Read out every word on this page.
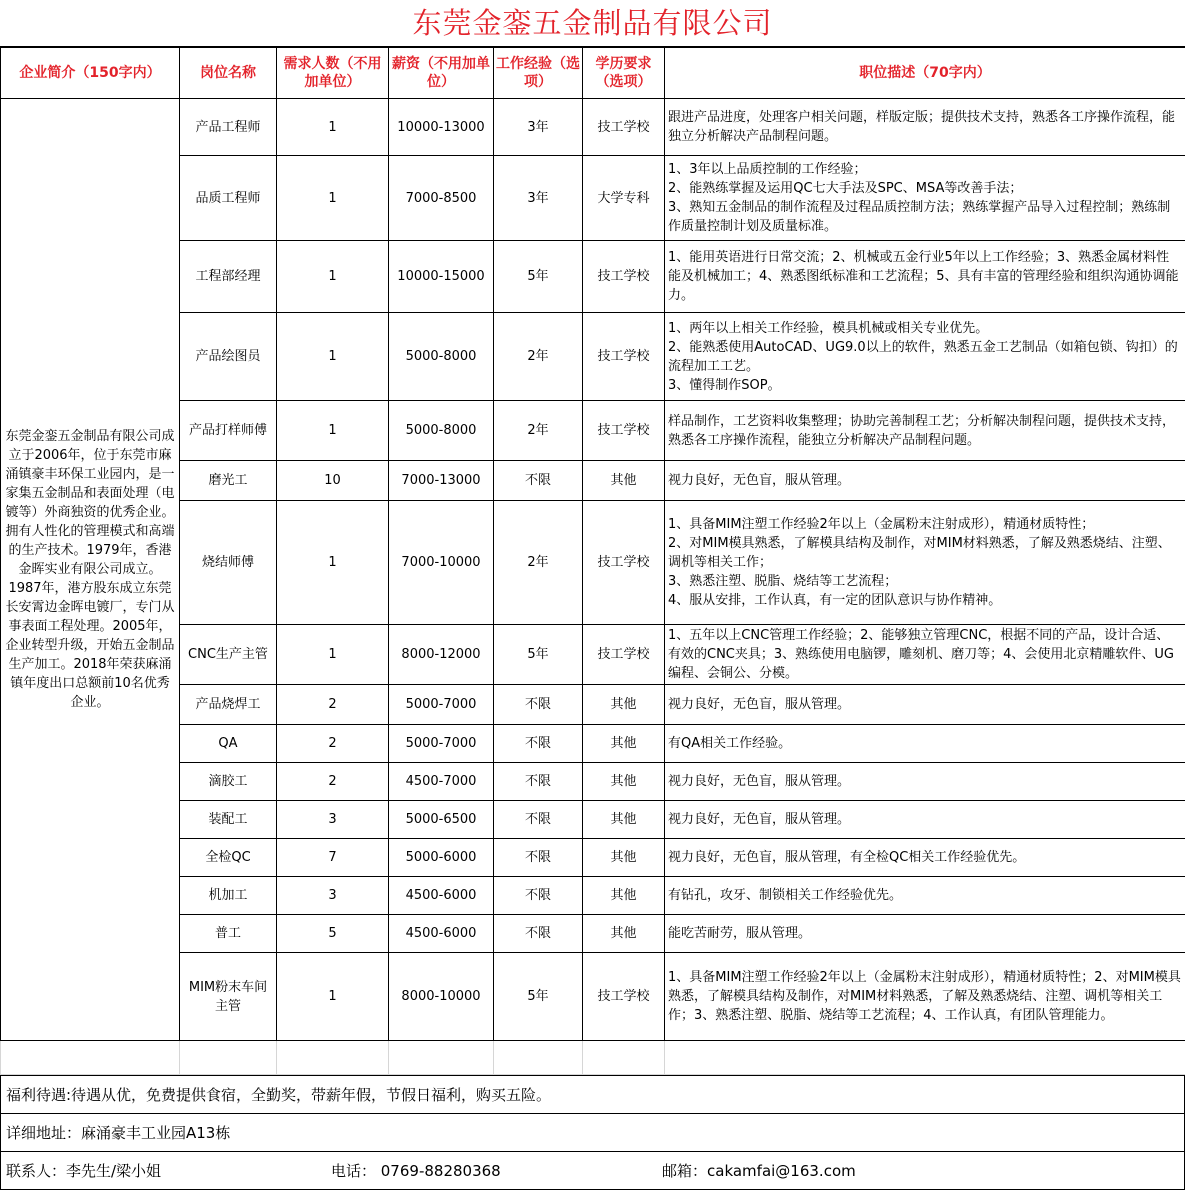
东莞金銮五金制品有限公司
企业简介（150字内）	岗位名称	需求人数（不用加单位）	薪资（不用加单位）	工作经验（选项）	学历要求（选项）	职位描述（70字内）
东莞金銮五金制品有限公司成立于2006年，位于东莞市麻涌镇豪丰环保工业园内，是一家集五金制品和表面处理（电镀等）外商独资的优秀企业。拥有人性化的管理模式和高端的生产技术。1979年，香港金晖实业有限公司成立。1987年，港方股东成立东莞长安霄边金晖电镀厂，专门从事表面工程处理。2005年，企业转型升级，开始五金制品生产加工。2018年荣获麻涌镇年度出口总额前10名优秀企业。	产品工程师	1	10000-13000	3年	技工学校	跟进产品进度，处理客户相关问题，样版定版；提供技术支持，熟悉各工序操作流程，能独立分析解决产品制程问题。
	品质工程师	1	7000-8500	3年	大学专科	1、3年以上品质控制的工作经验；
2、能熟练掌握及运用QC七大手法及SPC、MSA等改善手法；
3、熟知五金制品的制作流程及过程品质控制方法；熟练掌握产品导入过程控制；熟练制作质量控制计划及质量标准。
	工程部经理	1	10000-15000	5年	技工学校	1、能用英语进行日常交流；2、机械或五金行业5年以上工作经验；3、熟悉金属材料性能及机械加工；4、熟悉图纸标准和工艺流程；5、具有丰富的管理经验和组织沟通协调能力。
	产品绘图员	1	5000-8000	2年	技工学校	1、两年以上相关工作经验，模具机械或相关专业优先。
2、能熟悉使用AutoCAD、UG9.0以上的软件，熟悉五金工艺制品（如箱包锁、钩扣）的流程加工工艺。
3、懂得制作SOP。
	产品打样师傅	1	5000-8000	2年	技工学校	样品制作，工艺资料收集整理；协助完善制程工艺；分析解决制程问题，提供技术支持，熟悉各工序操作流程，能独立分析解决产品制程问题。
	磨光工	10	7000-13000	不限	其他	视力良好，无色盲，服从管理。
	烧结师傅	1	7000-10000	2年	技工学校	1、具备MIM注塑工作经验2年以上（金属粉末注射成形），精通材质特性；
2、对MIM模具熟悉，了解模具结构及制作，对MIM材料熟悉，了解及熟悉烧结、注塑、调机等相关工作；
3、熟悉注塑、脱脂、烧结等工艺流程；
4、服从安排，工作认真，有一定的团队意识与协作精神。
	CNC生产主管	1	8000-12000	5年	技工学校	1、五年以上CNC管理工作经验；2、能够独立管理CNC，根据不同的产品，设计合适、有效的CNC夹具；3、熟练使用电脑锣，雕刻机、磨刀等；4、会使用北京精雕软件、UG编程、会铜公、分模。
	产品烧焊工	2	5000-7000	不限	其他	视力良好，无色盲，服从管理。
	QA	2	5000-7000	不限	其他	有QA相关工作经验。
	滴胶工	2	4500-7000	不限	其他	视力良好，无色盲，服从管理。
	装配工	3	5000-6500	不限	其他	视力良好，无色盲，服从管理。
	全检QC	7	5000-6000	不限	其他	视力良好，无色盲，服从管理，有全检QC相关工作经验优先。
	机加工	3	4500-6000	不限	其他	有钻孔，攻牙、制锁相关工作经验优先。
	普工	5	4500-6000	不限	其他	能吃苦耐劳，服从管理。
	MIM粉末车间主管	1	8000-10000	5年	技工学校	1、具备MIM注塑工作经验2年以上（金属粉末注射成形），精通材质特性；2、对MIM模具熟悉，了解模具结构及制作，对MIM材料熟悉，了解及熟悉烧结、注塑、调机等相关工作；3、熟悉注塑、脱脂、烧结等工艺流程；4、工作认真，有团队管理能力。

福利待遇:待遇从优，免费提供食宿，全勤奖，带薪年假，节假日福利，购买五险。
详细地址：麻涌豪丰工业园A13栋
联系人：李先生/梁小姐	电话： 0769-88280368	邮箱：cakamfai@163.com
